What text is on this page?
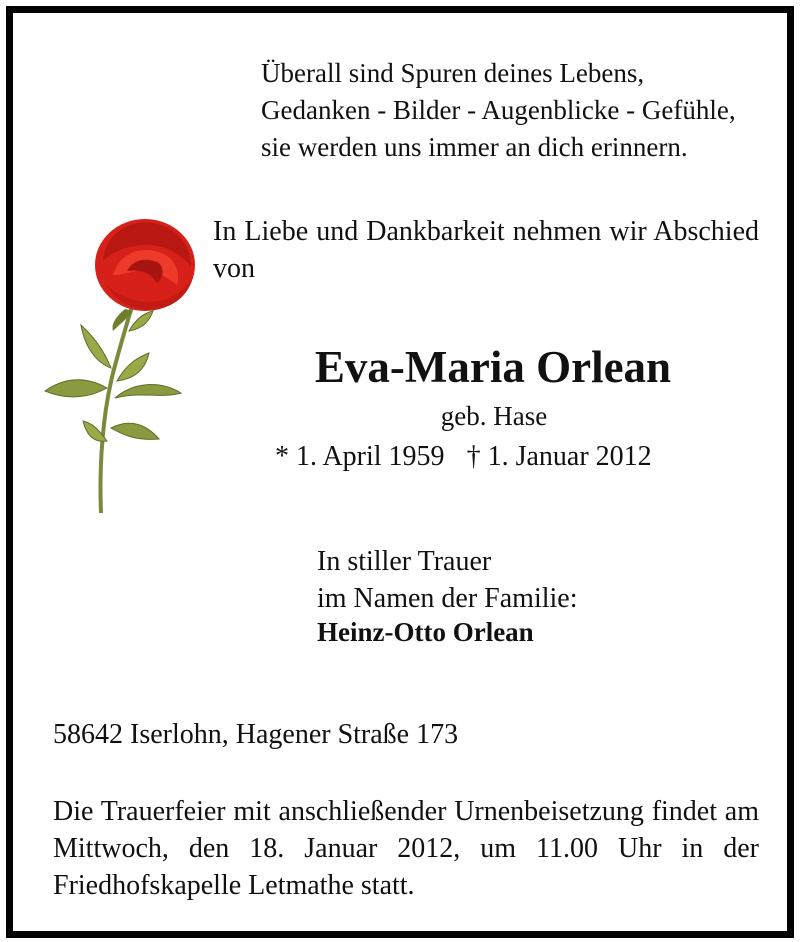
Überall sind Spuren deines Lebens,
Gedanken - Bilder - Augenblicke - Gefühle,
sie werden uns immer an dich erinnern.
In Liebe und Dankbarkeit nehmen wir Abschied von
Eva-Maria Orlean
geb. Hase
* 1. April 1959 † 1. Januar 2012
In stiller Trauer
im Namen der Familie:
Heinz-Otto Orlean
58642 Iserlohn, Hagener Straße 173
Die Trauerfeier mit anschließender Urnenbeisetzung findet am Mittwoch, den 18. Januar 2012, um 11.00 Uhr in der Friedhofskapelle Letmathe statt.
